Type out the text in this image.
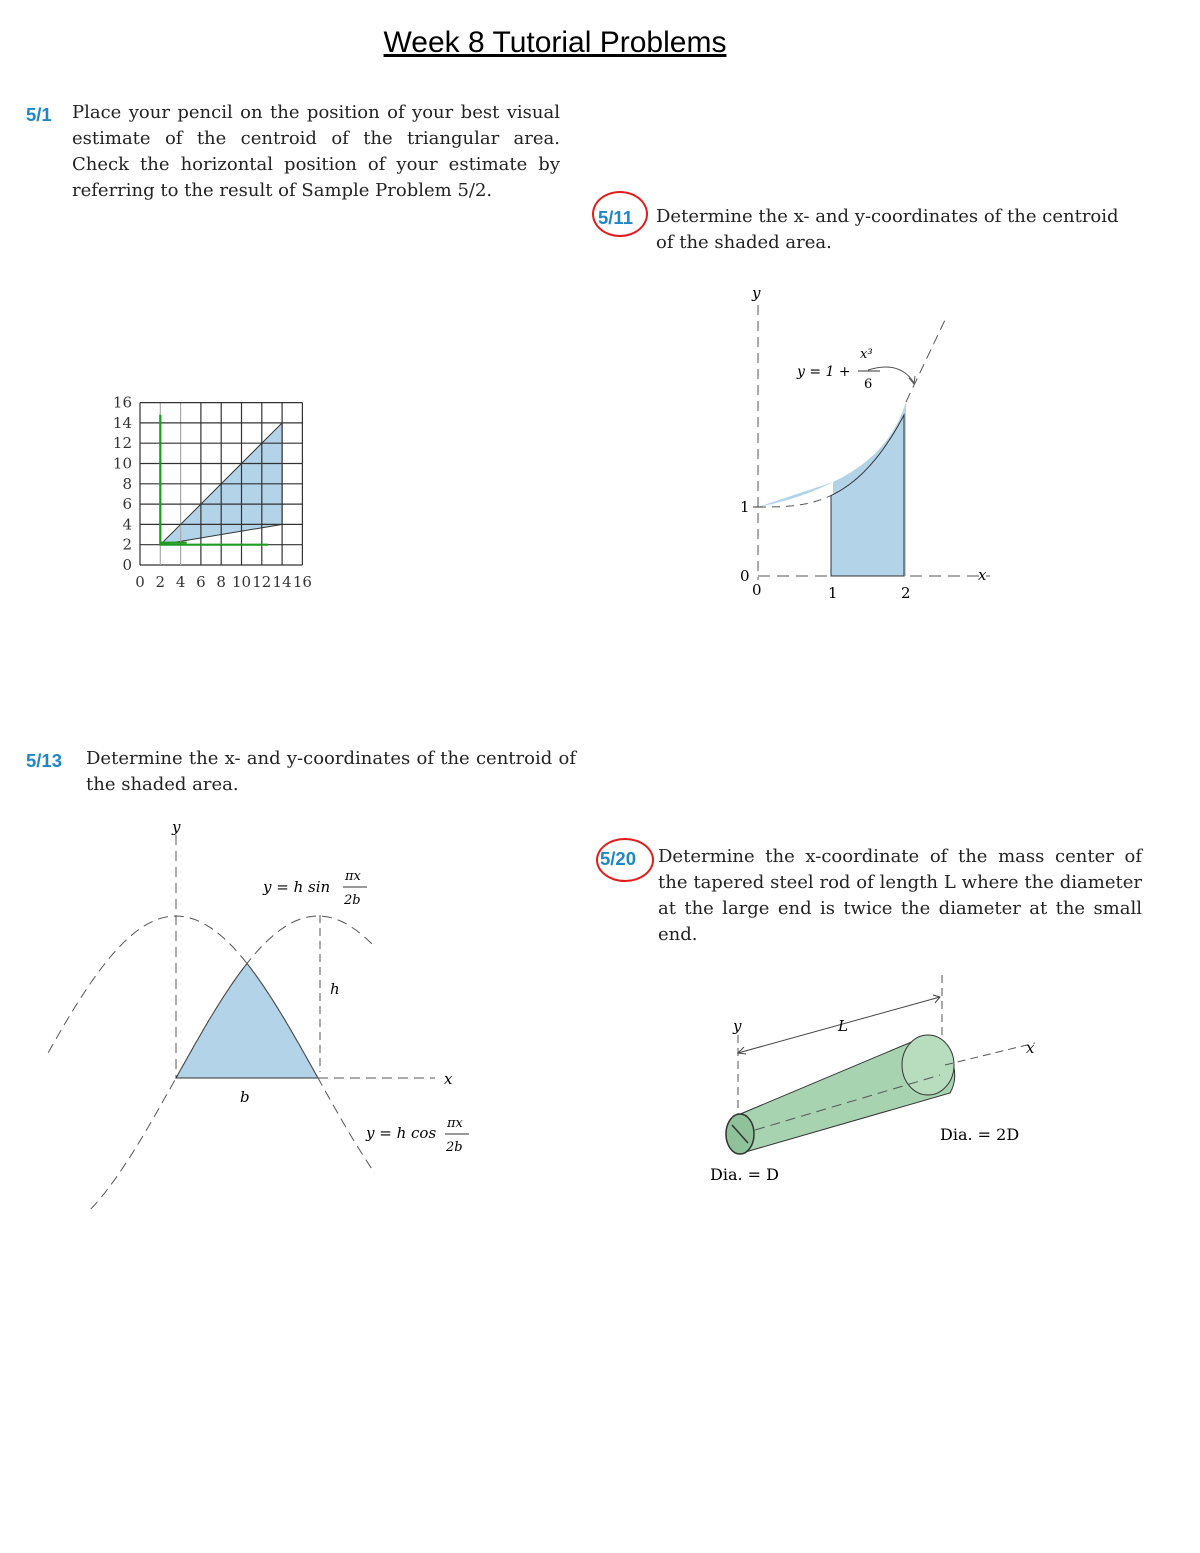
Week 8 Tutorial Problems
5/1 Place your pencil on the position of your best visual estimate of the centroid of the triangular area. Check the horizontal position of your estimate by referring to the result of Sample Problem 5/2.
0
2
4
6
8
10
12
14
16
0 2 4 6 8 10 12 14 16
5/11 Determine the x- and y-coordinates of the centroid of the shaded area.
y
x
y = 1 +
x³
6
0
0
1
1	2
5/13 Determine the x- and y-coordinates of the centroid of the shaded area.
y
x
h
b
y = h sin
πx
2b
y = h cos
πx
2b
5/20 Determine the x-coordinate of the mass center of the tapered steel rod of length L where the diameter at the large end is twice the diameter at the small end.
y
x
L
Dia. = D
Dia. = 2D
